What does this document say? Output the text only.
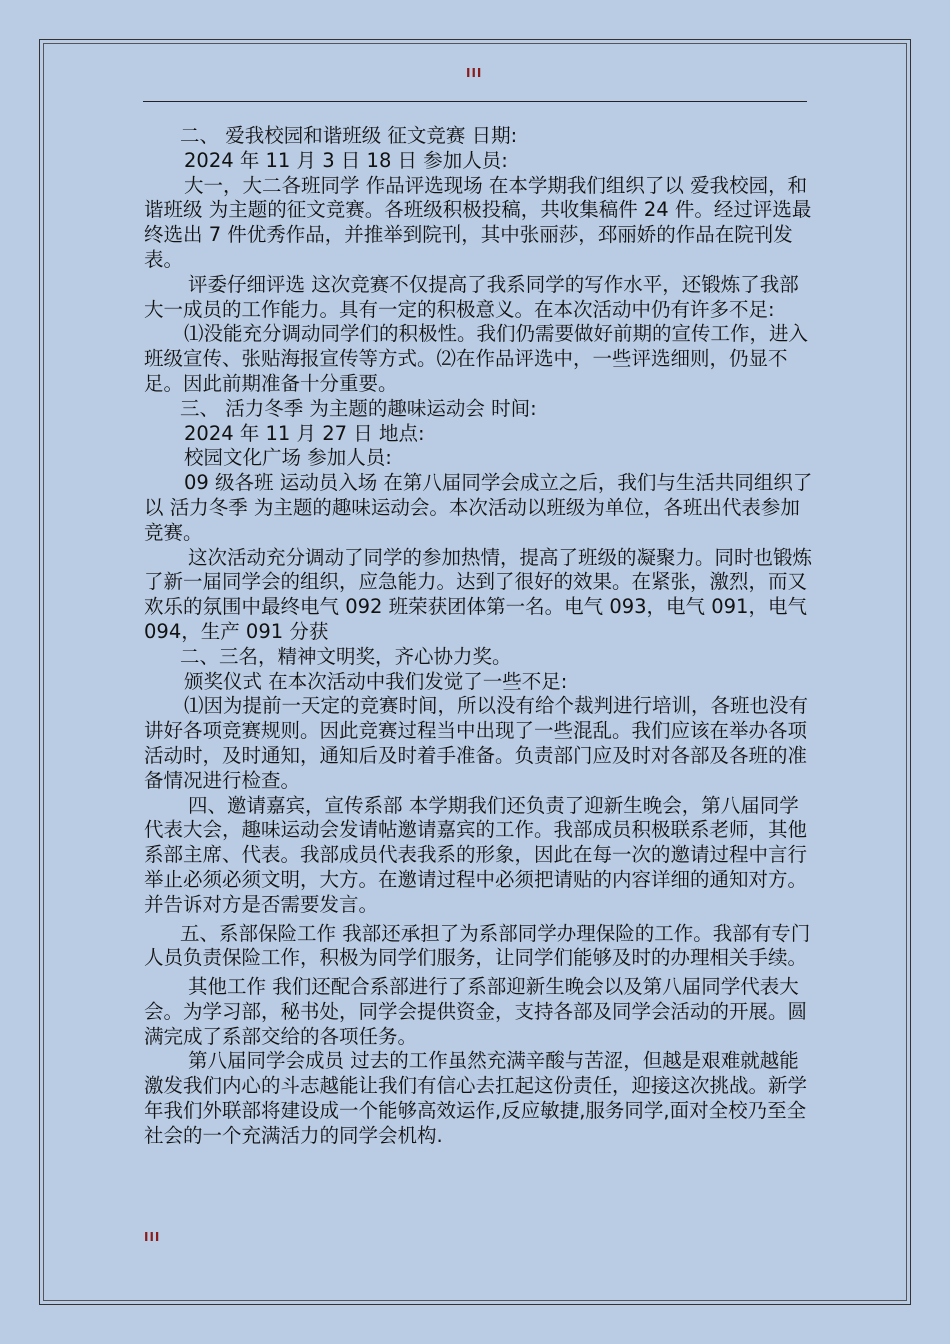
III

二、 爱我校园和谐班级 征文竞赛 日期:

2024 年 11 月 3 日 18 日 参加人员:

大一，大二各班同学 作品评选现场 在本学期我们组织了以 爱我校园，和谐班级 为主题的征文竞赛。各班级积极投稿，共收集稿件 24 件。经过评选最终选出 7 件优秀作品，并推举到院刊，其中张丽莎，邳丽娇的作品在院刊发表。

评委仔细评选 这次竞赛不仅提高了我系同学的写作水平，还锻炼了我部大一成员的工作能力。具有一定的积极意义。在本次活动中仍有许多不足:

⑴没能充分调动同学们的积极性。我们仍需要做好前期的宣传工作，进入班级宣传、张贴海报宣传等方式。⑵在作品评选中，一些评选细则，仍显不足。因此前期准备十分重要。

三、 活力冬季 为主题的趣味运动会 时间:

2024 年 11 月 27 日 地点:

校园文化广场 参加人员:

09 级各班 运动员入场 在第八届同学会成立之后，我们与生活共同组织了以 活力冬季 为主题的趣味运动会。本次活动以班级为单位，各班出代表参加竞赛。

这次活动充分调动了同学的参加热情，提高了班级的凝聚力。同时也锻炼了新一届同学会的组织，应急能力。达到了很好的效果。在紧张，激烈，而又欢乐的氛围中最终电气 092 班荣获团体第一名。电气 093，电气 091，电气 094，生产 091 分获

二、三名，精神文明奖，齐心协力奖。

颁奖仪式 在本次活动中我们发觉了一些不足:

⑴因为提前一天定的竞赛时间，所以没有给个裁判进行培训，各班也没有讲好各项竞赛规则。因此竞赛过程当中出现了一些混乱。我们应该在举办各项活动时，及时通知，通知后及时着手准备。负责部门应及时对各部及各班的准备情况进行检查。

四、邀请嘉宾，宣传系部 本学期我们还负责了迎新生晚会，第八届同学代表大会，趣味运动会发请帖邀请嘉宾的工作。我部成员积极联系老师，其他系部主席、代表。我部成员代表我系的形象，因此在每一次的邀请过程中言行举止必须必须文明，大方。在邀请过程中必须把请贴的内容详细的通知对方。并告诉对方是否需要发言。

五、系部保险工作 我部还承担了为系部同学办理保险的工作。我部有专门人员负责保险工作，积极为同学们服务，让同学们能够及时的办理相关手续。

其他工作 我们还配合系部进行了系部迎新生晚会以及第八届同学代表大会。为学习部，秘书处，同学会提供资金，支持各部及同学会活动的开展。圆满完成了系部交给的各项任务。

第八届同学会成员 过去的工作虽然充满辛酸与苦涩，但越是艰难就越能激发我们内心的斗志越能让我们有信心去扛起这份责任，迎接这次挑战。新学年我们外联部将建设成一个能够高效运作,反应敏捷,服务同学,面对全校乃至全社会的一个充满活力的同学会机构.

III
